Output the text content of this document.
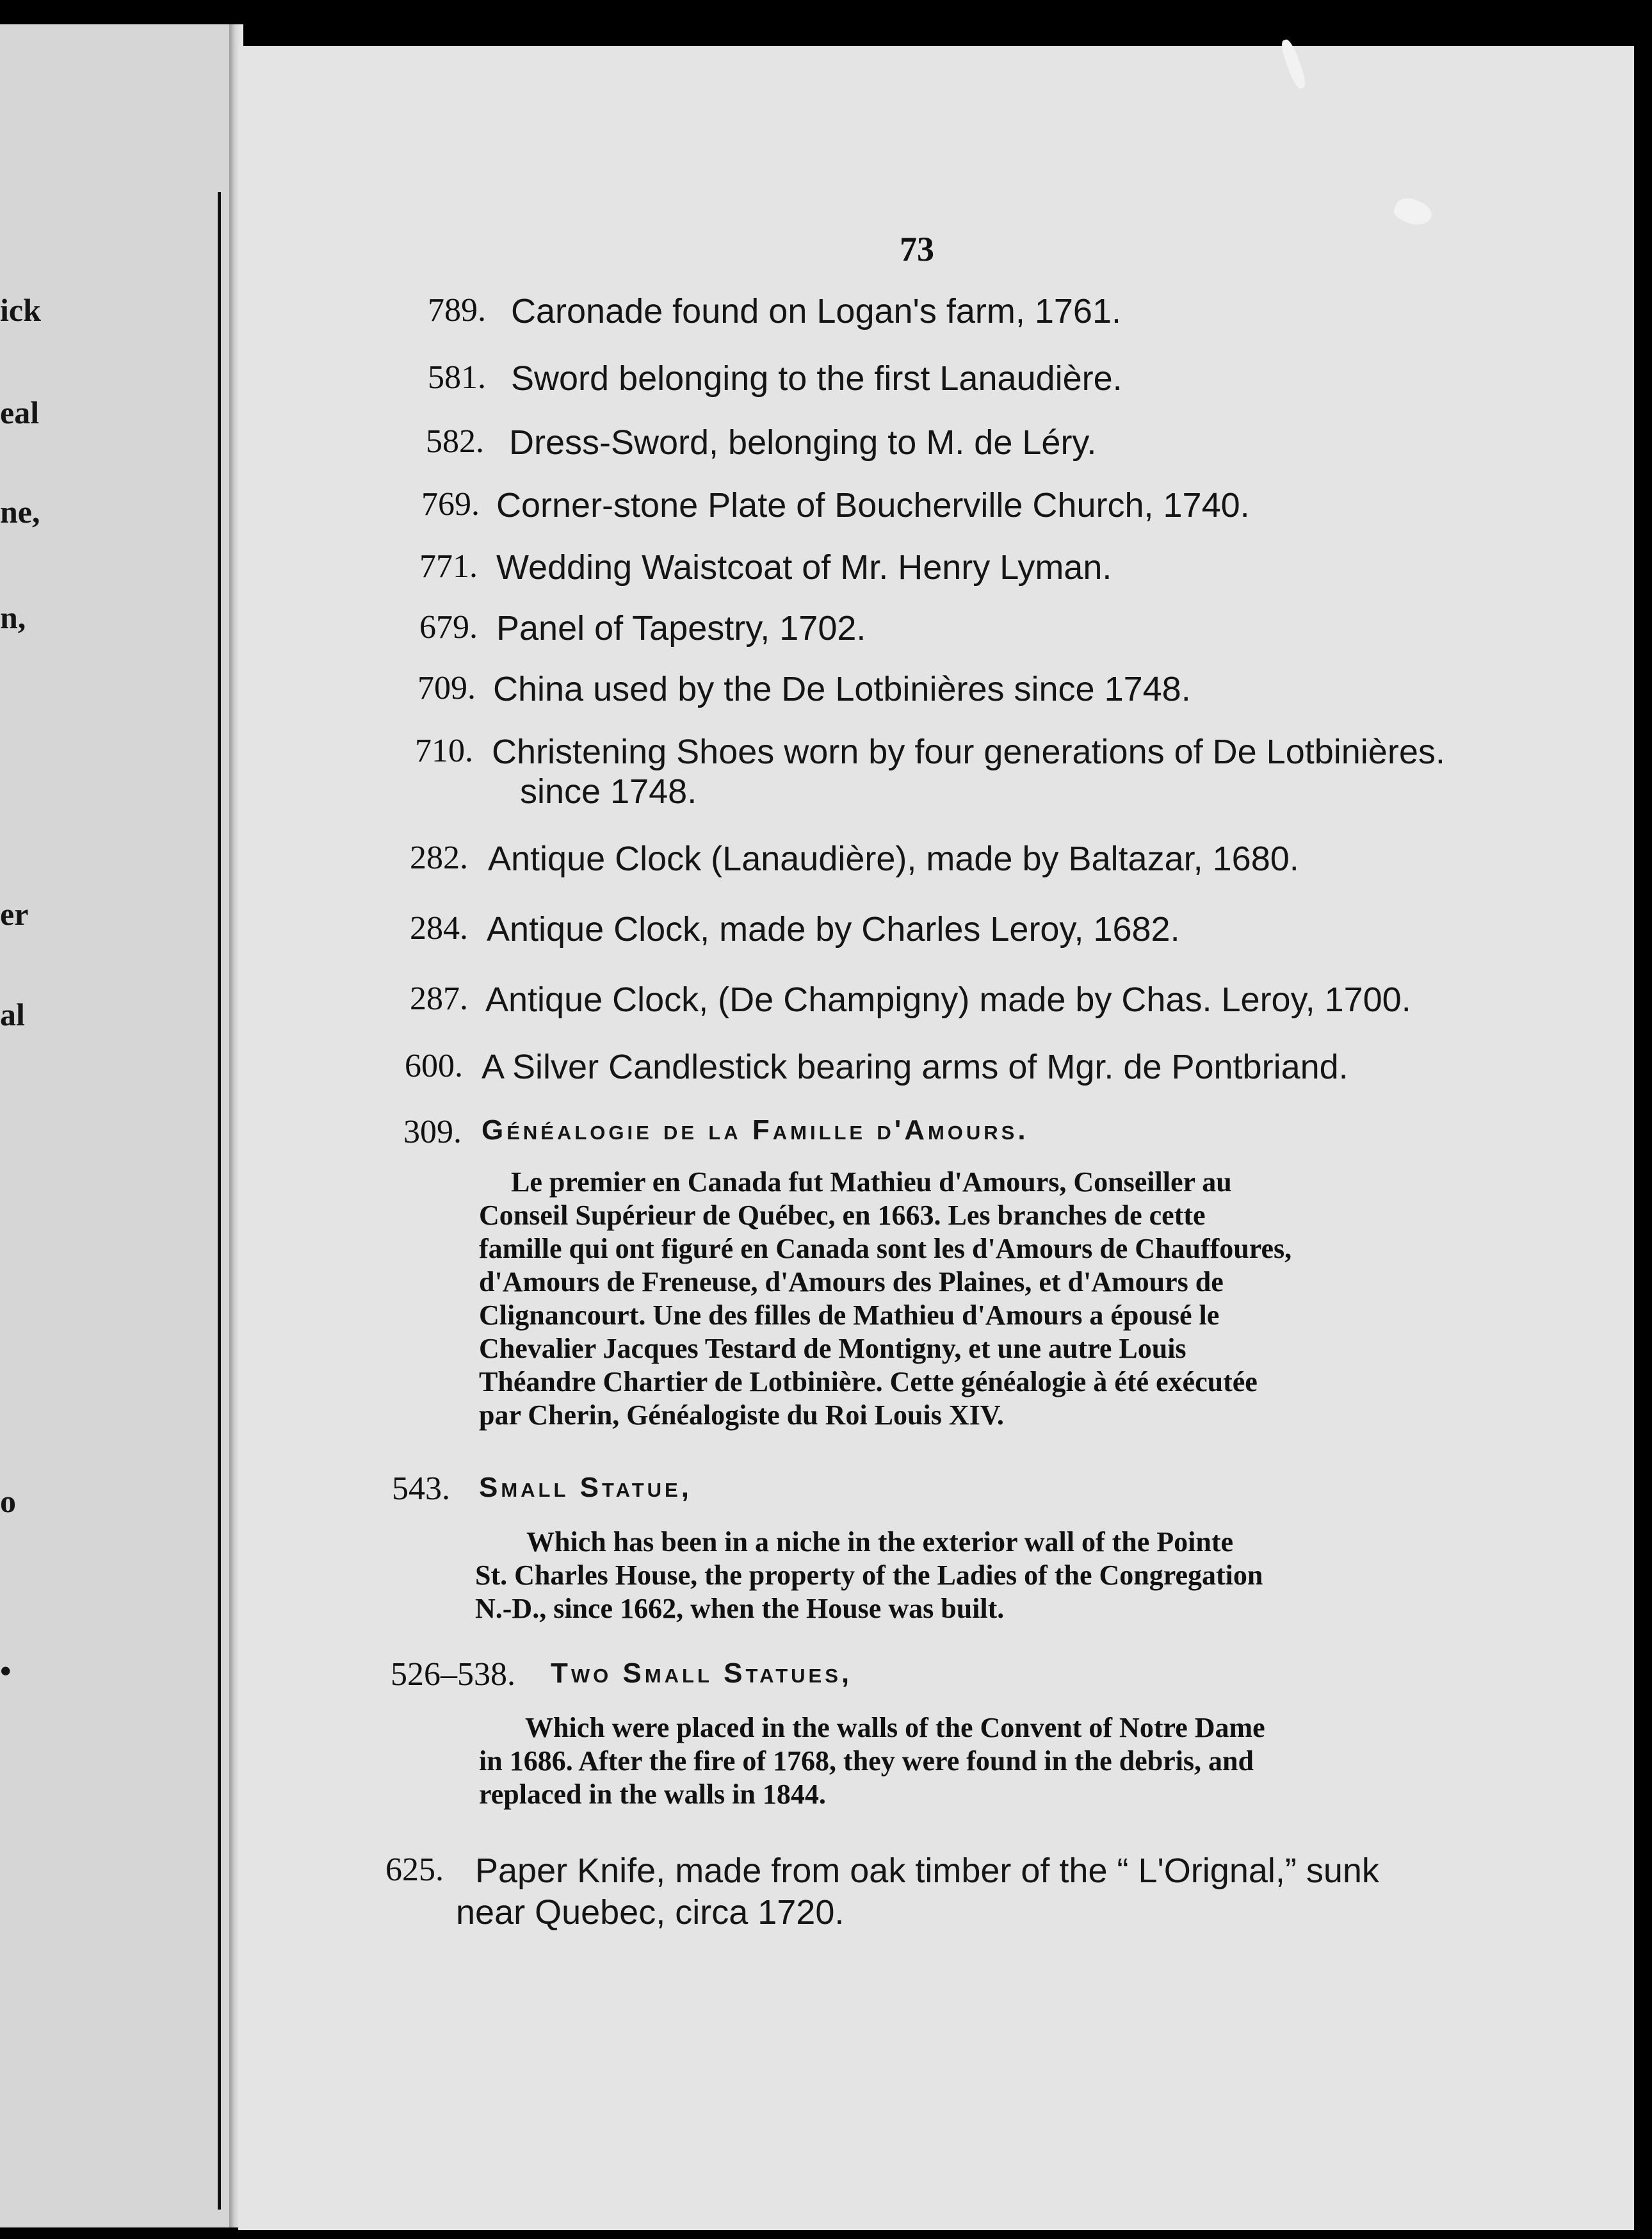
ick
eal
ne,
n,
er
al
o
•
73
789. Caronade found on Logan's farm, 1761.
581. Sword belonging to the first Lanaudière.
582. Dress-Sword, belonging to M. de Léry.
769. Corner-stone Plate of Boucherville Church, 1740.
771. Wedding Waistcoat of Mr. Henry Lyman.
679. Panel of Tapestry, 1702.
709. China used by the De Lotbinières since 1748.
710. Christening Shoes worn by four generations of De Lotbinières.
since 1748.
282. Antique Clock (Lanaudière), made by Baltazar, 1680.
284. Antique Clock, made by Charles Leroy, 1682.
287. Antique Clock, (De Champigny) made by Chas. Leroy, 1700.
600. A Silver Candlestick bearing arms of Mgr. de Pontbriand.
309. Généalogie de la Famille d'Amours.
Le premier en Canada fut Mathieu d'Amours, Conseiller au
Conseil Supérieur de Québec, en 1663. Les branches de cette
famille qui ont figuré en Canada sont les d'Amours de Chauffoures,
d'Amours de Freneuse, d'Amours des Plaines, et d'Amours de
Clignancourt. Une des filles de Mathieu d'Amours a épousé le
Chevalier Jacques Testard de Montigny, et une autre Louis
Théandre Chartier de Lotbinière. Cette généalogie à été exécutée
par Cherin, Généalogiste du Roi Louis XIV.
543. Small Statue,
Which has been in a niche in the exterior wall of the Pointe
St. Charles House, the property of the Ladies of the Congregation
N.-D., since 1662, when the House was built.
526–538. Two Small Statues,
Which were placed in the walls of the Convent of Notre Dame
in 1686. After the fire of 1768, they were found in the debris, and
replaced in the walls in 1844.
625. Paper Knife, made from oak timber of the “ L'Orignal,” sunk
near Quebec, circa 1720.
